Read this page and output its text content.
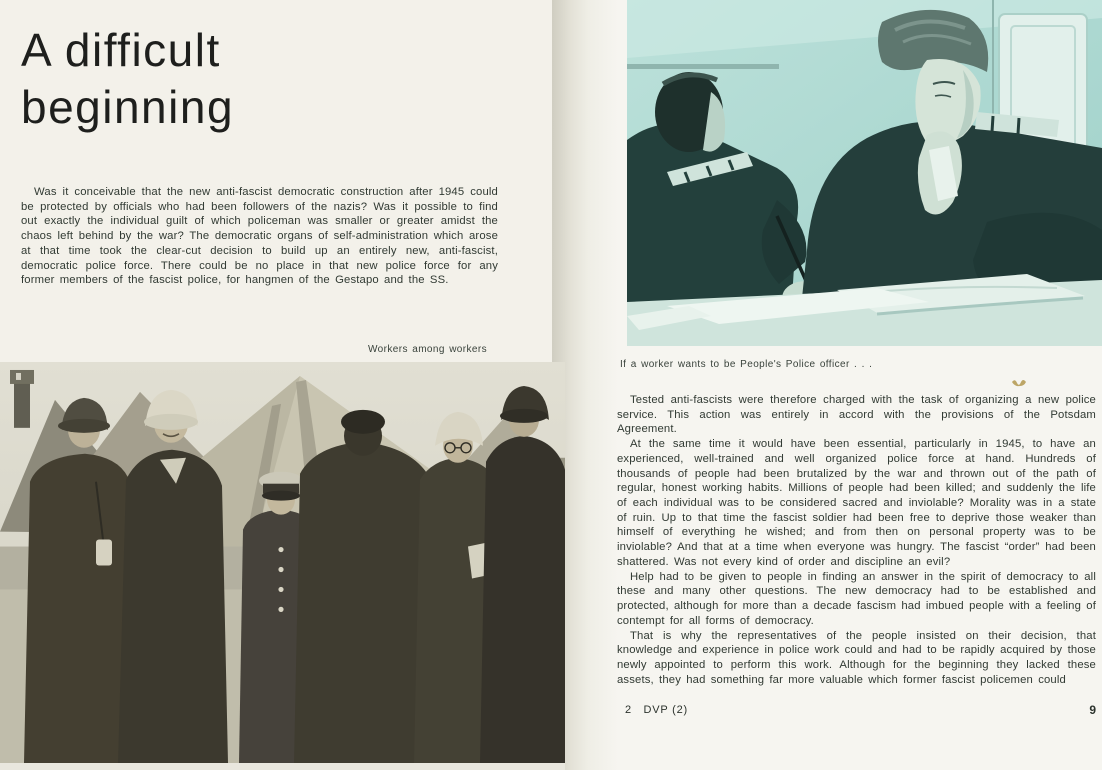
A difficult
beginning

Was it conceivable that the new anti-fascist democratic construction after 1945 could be protected by officials who had been followers of the nazis? Was it possible to find out exactly the individual guilt of which policeman was smaller or greater amidst the chaos left behind by the war? The democratic organs of self-administration which arose at that time took the clear-cut decision to build up an entirely new, anti-fascist, democratic police force. There could be no place in that new police force for any former members of the fascist police, for hangmen of the Gestapo and the SS.

Workers among workers
If a worker wants to be People's Police officer . . .

Tested anti-fascists were therefore charged with the task of organizing a new police service. This action was entirely in accord with the provisions of the Potsdam Agreement.

At the same time it would have been essential, particularly in 1945, to have an experienced, well-trained and well organized police force at hand. Hundreds of thousands of people had been brutalized by the war and thrown out of the path of regular, honest working habits. Millions of people had been killed; and suddenly the life of each individual was to be considered sacred and inviolable? Morality was in a state of ruin. Up to that time the fascist soldier had been free to deprive those weaker than himself of everything he wished; and from then on personal property was to be inviolable? And that at a time when everyone was hungry. The fascist “order” had been shattered. Was not every kind of order and discipline an evil?

Help had to be given to people in finding an answer in the spirit of democracy to all these and many other questions. The new democracy had to be established and protected, although for more than a decade fascism had imbued people with a feeling of contempt for all forms of democracy.

That is why the representatives of the people insisted on their decision, that knowledge and experience in police work could and had to be rapidly acquired by those newly appointed to perform this work. Although for the beginning they lacked these assets, they had something far more valuable which former fascist policemen could

2   DVP (2)	9
